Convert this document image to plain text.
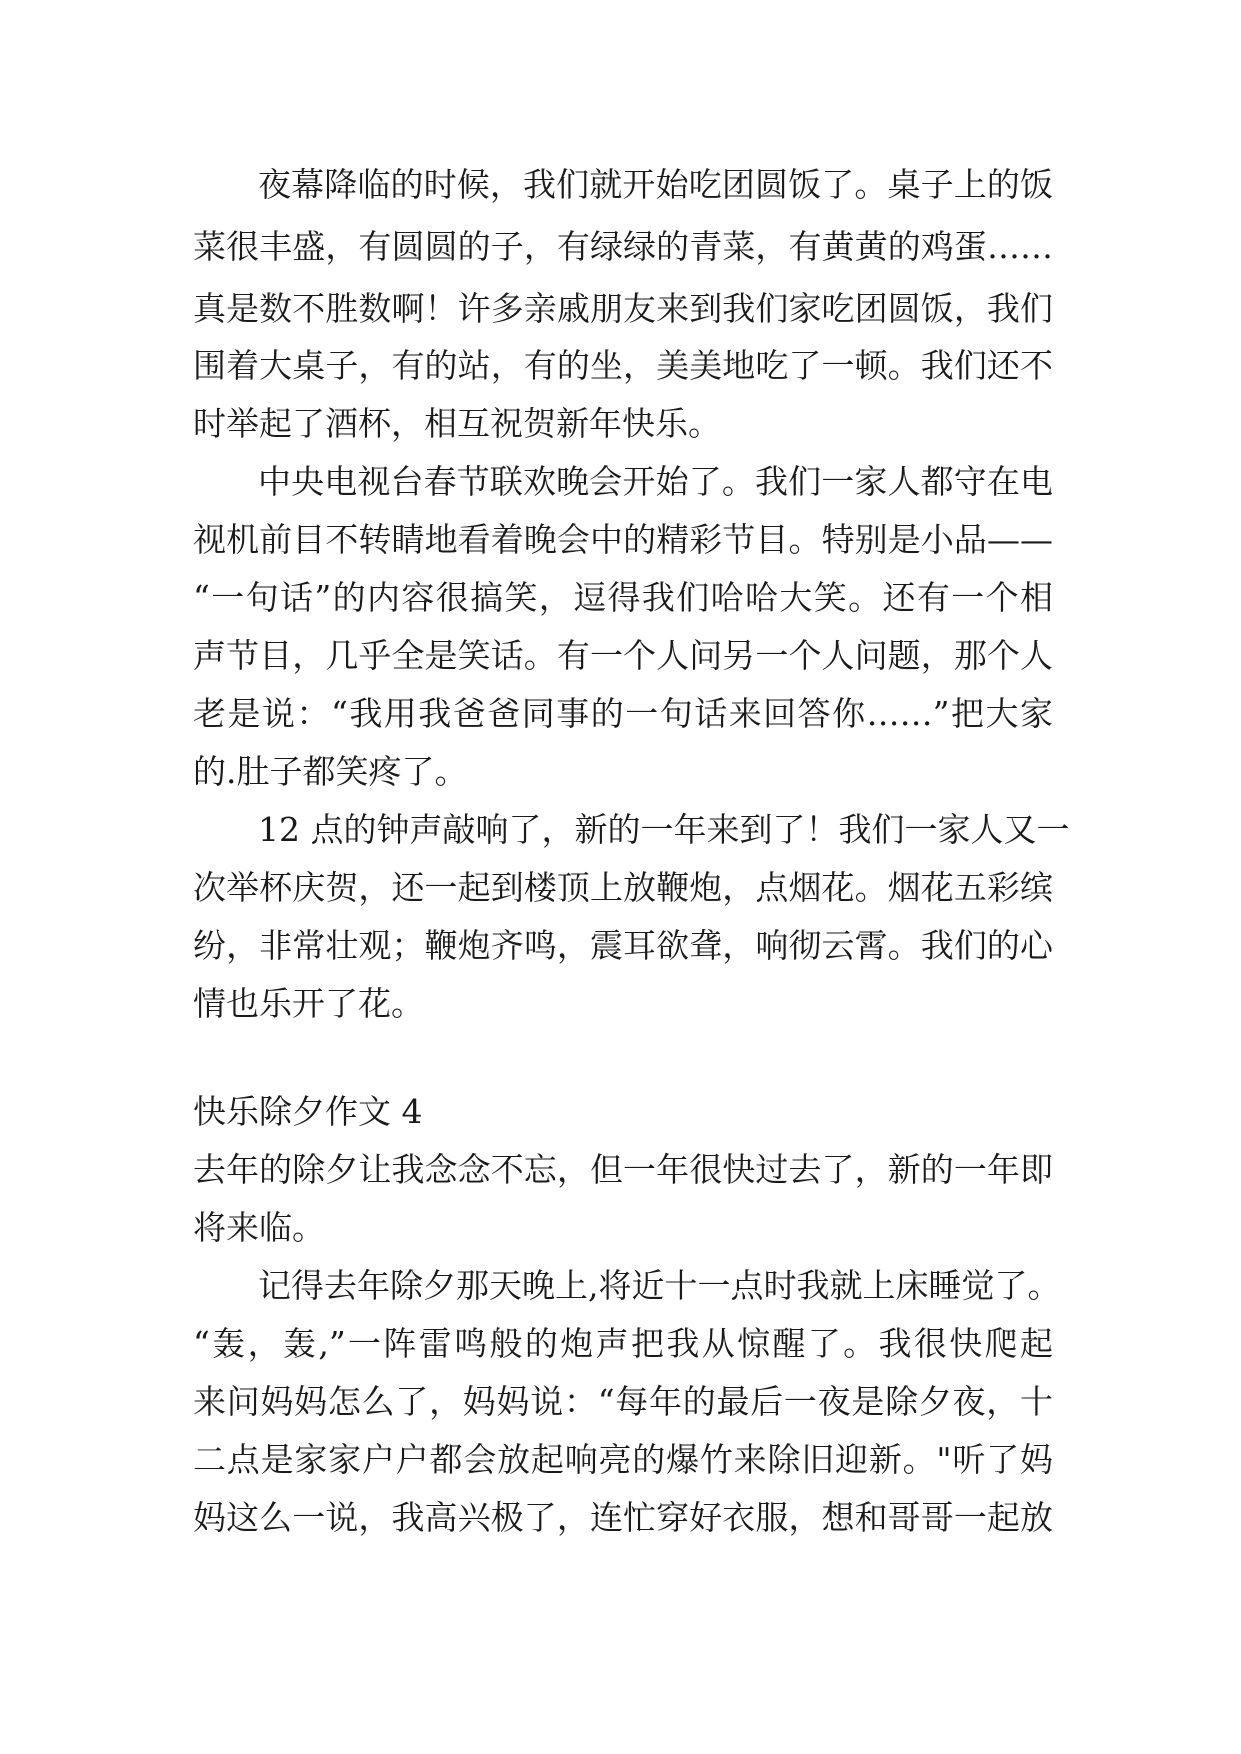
夜幕降临的时候，我们就开始吃团圆饭了。桌子上的饭

菜很丰盛，有圆圆的子，有绿绿的青菜，有黄黄的鸡蛋……

真是数不胜数啊！许多亲戚朋友来到我们家吃团圆饭，我们

围着大桌子，有的站，有的坐，美美地吃了一顿。我们还不

时举起了酒杯，相互祝贺新年快乐。

中央电视台春节联欢晚会开始了。我们一家人都守在电

视机前目不转睛地看着晚会中的精彩节目。特别是小品——

“一句话”的内容很搞笑，逗得我们哈哈大笑。还有一个相

声节目，几乎全是笑话。有一个人问另一个人问题，那个人

老是说：“我用我爸爸同事的一句话来回答你……”把大家

的.肚子都笑疼了。

12 点的钟声敲响了，新的一年来到了！我们一家人又一

次举杯庆贺，还一起到楼顶上放鞭炮，点烟花。烟花五彩缤

纷，非常壮观；鞭炮齐鸣，震耳欲聋，响彻云霄。我们的心

情也乐开了花。

快乐除夕作文 4

去年的除夕让我念念不忘，但一年很快过去了，新的一年即

将来临。

记得去年除夕那天晚上,将近十一点时我就上床睡觉了。

“轰，轰,”一阵雷鸣般的炮声把我从惊醒了。我很快爬起

来问妈妈怎么了，妈妈说：“每年的最后一夜是除夕夜，十

二点是家家户户都会放起响亮的爆竹来除旧迎新。"听了妈

妈这么一说，我高兴极了，连忙穿好衣服，想和哥哥一起放
